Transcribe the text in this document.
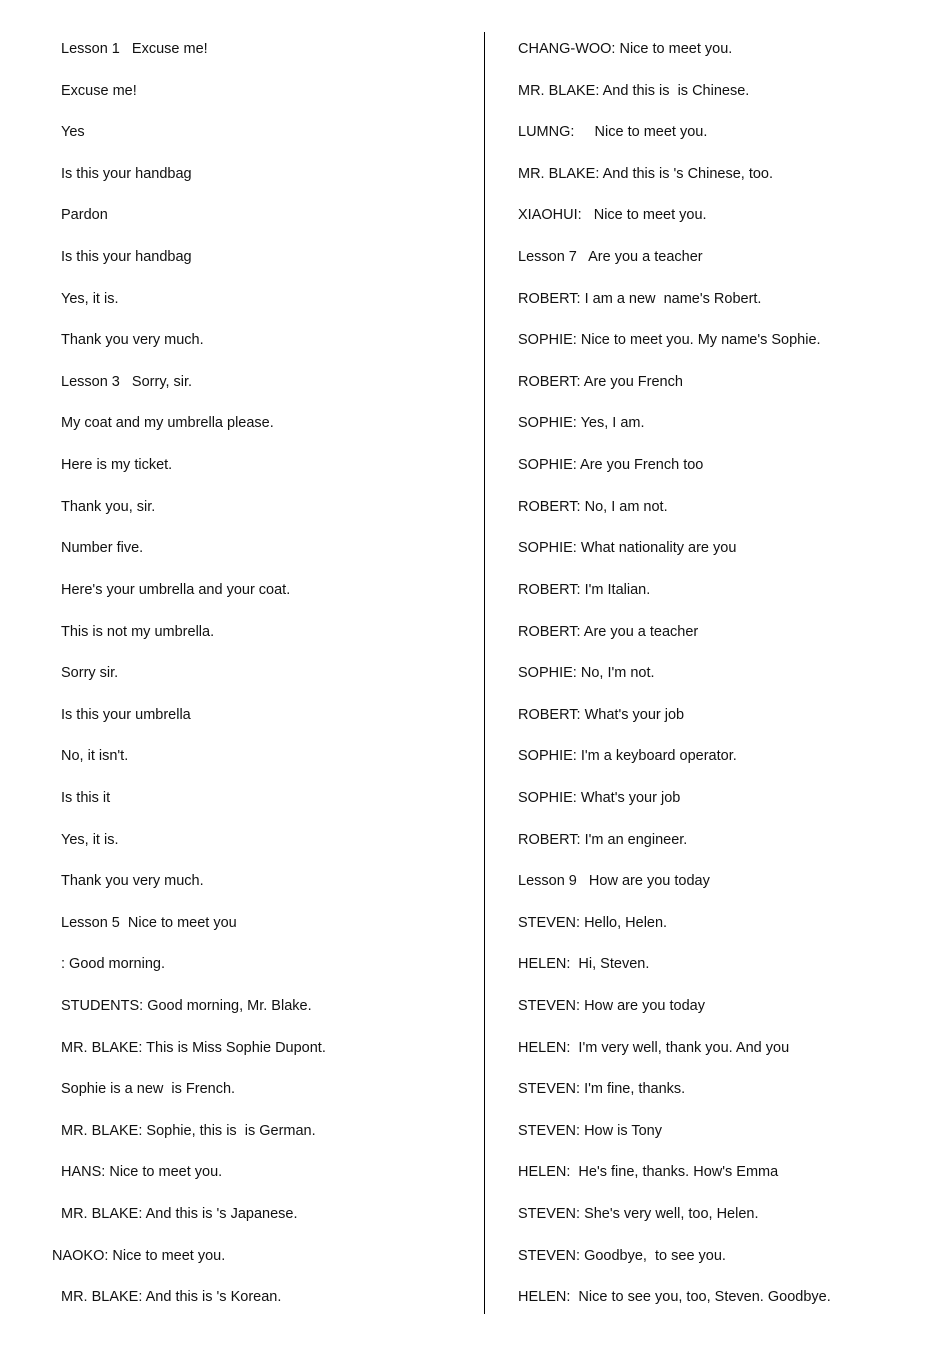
Lesson 1   Excuse me!
Excuse me!
Yes
Is this your handbag
Pardon
Is this your handbag
Yes, it is.
Thank you very much.
Lesson 3   Sorry, sir.
My coat and my umbrella please.
Here is my ticket.
Thank you, sir.
Number five.
Here's your umbrella and your coat.
This is not my umbrella.
Sorry sir.
Is this your umbrella
No, it isn't.
Is this it
Yes, it is.
Thank you very much.
Lesson 5  Nice to meet you
: Good morning.
STUDENTS: Good morning, Mr. Blake.
MR. BLAKE: This is Miss Sophie Dupont.
Sophie is a new  is French.
MR. BLAKE: Sophie, this is  is German.
HANS: Nice to meet you.
MR. BLAKE: And this is 's Japanese.
NAOKO: Nice to meet you.
MR. BLAKE: And this is 's Korean.
CHANG-WOO: Nice to meet you.
MR. BLAKE: And this is  is Chinese.
LUMNG:     Nice to meet you.
MR. BLAKE: And this is 's Chinese, too.
XIAOHUI:   Nice to meet you.
Lesson 7   Are you a teacher
ROBERT: I am a new  name's Robert.
SOPHIE: Nice to meet you. My name's Sophie.
ROBERT: Are you French
SOPHIE: Yes, I am.
SOPHIE: Are you French too
ROBERT: No, I am not.
SOPHIE: What nationality are you
ROBERT: I'm Italian.
ROBERT: Are you a teacher
SOPHIE: No, I'm not.
ROBERT: What's your job
SOPHIE: I'm a keyboard operator.
SOPHIE: What's your job
ROBERT: I'm an engineer.
Lesson 9   How are you today
STEVEN: Hello, Helen.
HELEN:  Hi, Steven.
STEVEN: How are you today
HELEN:  I'm very well, thank you. And you
STEVEN: I'm fine, thanks.
STEVEN: How is Tony
HELEN:  He's fine, thanks. How's Emma
STEVEN: She's very well, too, Helen.
STEVEN: Goodbye,  to see you.
HELEN:  Nice to see you, too, Steven. Goodbye.
